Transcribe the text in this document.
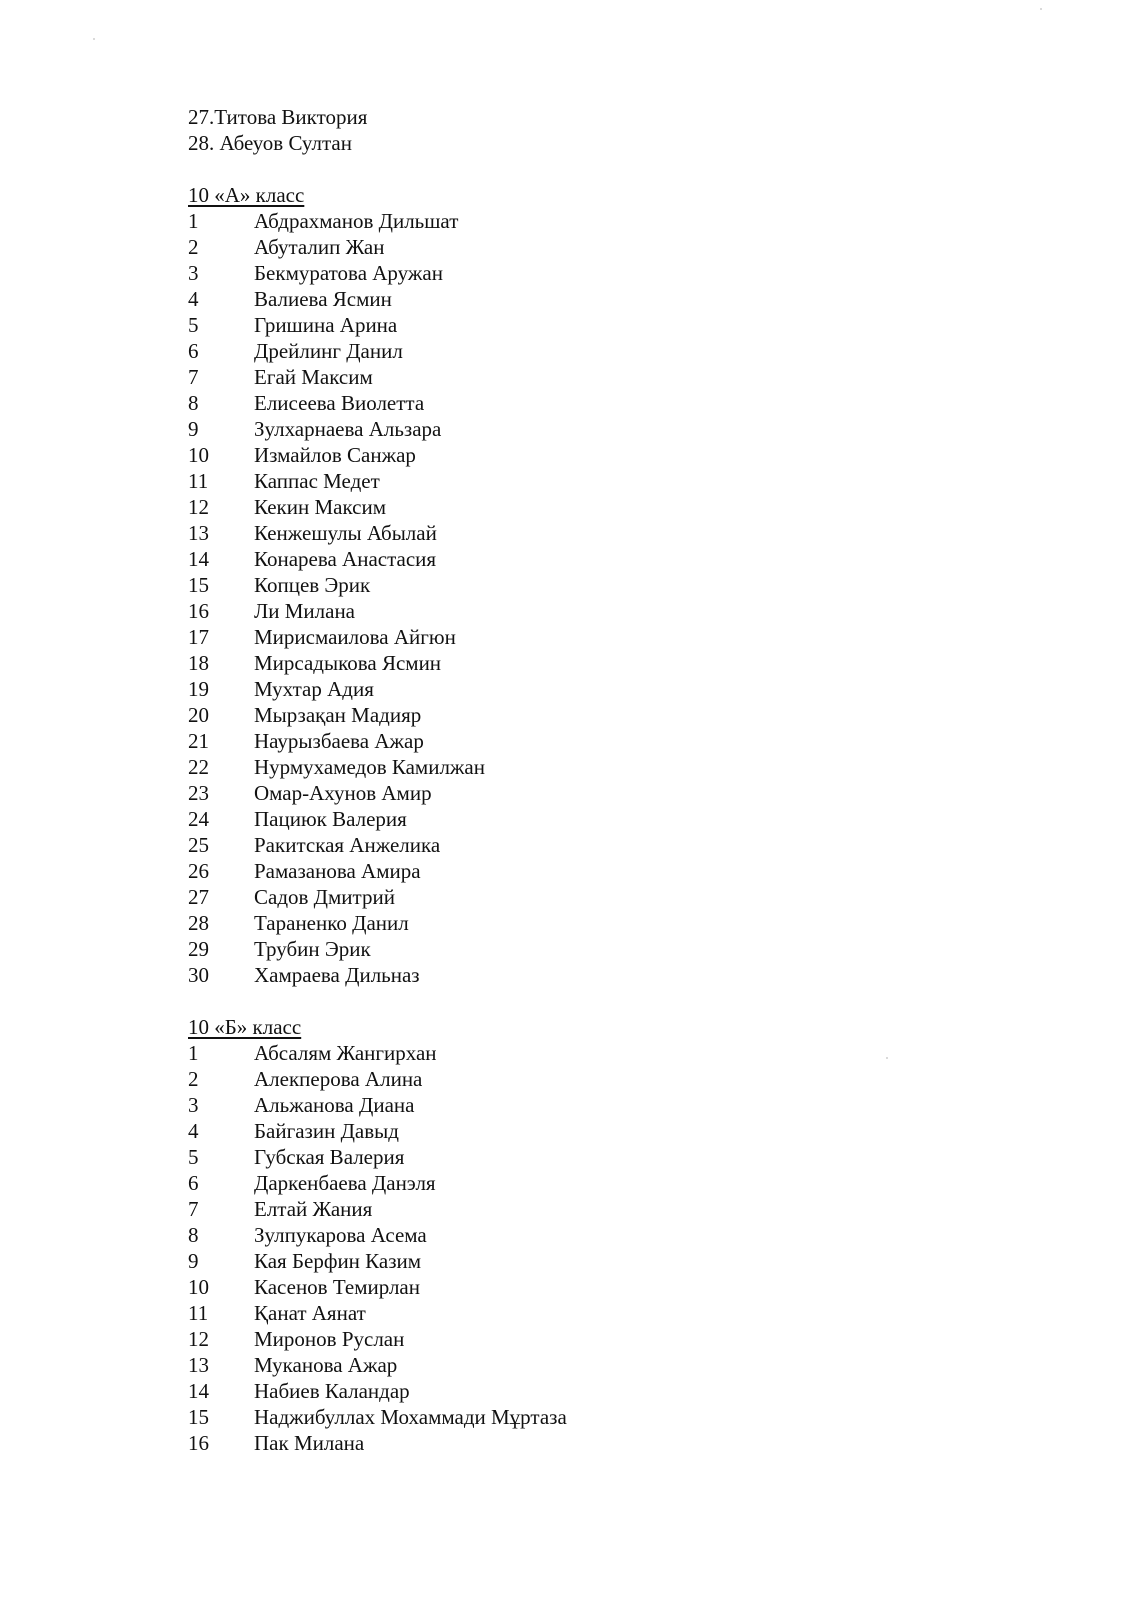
27.Титова Виктория
28. Абеуов Султан
10 «А» класс
1	Абдрахманов Дильшат
2	Абуталип Жан
3	Бекмуратова Аружан
4	Валиева Ясмин
5	Гришина Арина
6	Дрейлинг Данил
7	Егай Максим
8	Елисеева Виолетта
9	Зулхарнаева Альзара
10	Измайлов Санжар
11	Каппас Медет
12	Кекин Максим
13	Кенжешулы Абылай
14	Конарева Анастасия
15	Копцев Эрик
16	Ли Милана
17	Мирисмаилова Айгюн
18	Мирсадыкова Ясмин
19	Мухтар Адия
20	Мырзақан Мадияр
21	Наурызбаева Ажар
22	Нурмухамедов Камилжан
23	Омар-Ахунов Амир
24	Пациюк Валерия
25	Ракитская Анжелика
26	Рамазанова Амира
27	Садов Дмитрий
28	Тараненко Данил
29	Трубин Эрик
30	Хамраева Дильназ
10 «Б» класс
1	Абсалям Жангирхан
2	Алекперова Алина
3	Альжанова Диана
4	Байгазин Давыд
5	Губская Валерия
6	Даркенбаева Данэля
7	Елтай Жания
8	Зулпукарова Асема
9	Кая Берфин Казим
10	Касенов Темирлан
11	Қанат Аянат
12	Миронов Руслан
13	Муканова Ажар
14	Набиев Каландар
15	Наджибуллах Мохаммади Мұртаза
16	Пак Милана
